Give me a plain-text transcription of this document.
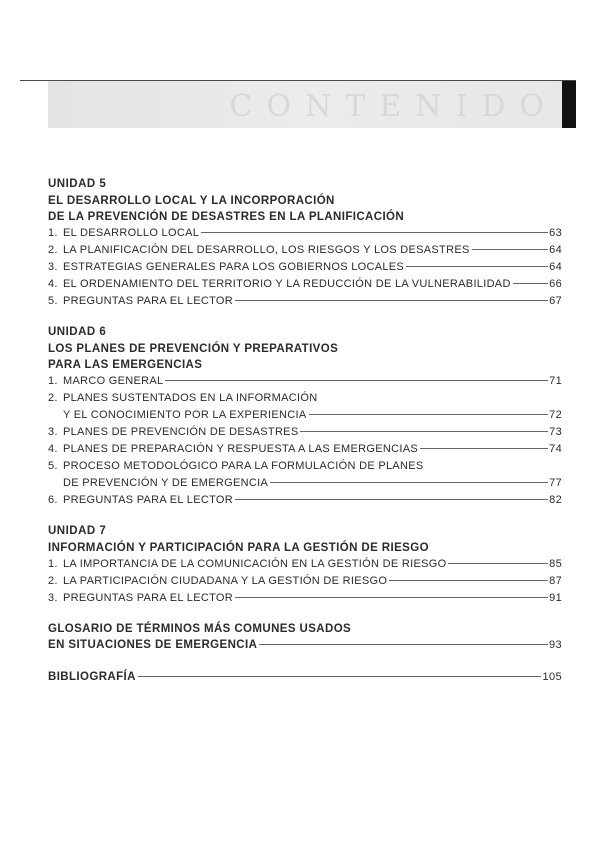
CONTENIDO
UNIDAD 5
EL DESARROLLO LOCAL Y LA INCORPORACIÓN
DE LA PREVENCIÓN DE DESASTRES EN LA PLANIFICACIÓN
1. EL DESARROLLO LOCAL	63
2. LA PLANIFICACIÓN DEL DESARROLLO, LOS RIESGOS Y LOS DESASTRES	64
3. ESTRATEGIAS GENERALES PARA LOS GOBIERNOS LOCALES	64
4. EL ORDENAMIENTO DEL TERRITORIO Y LA REDUCCIÓN DE LA VULNERABILIDAD	66
5. PREGUNTAS PARA EL LECTOR	67
UNIDAD 6
LOS PLANES DE PREVENCIÓN Y PREPARATIVOS
PARA LAS EMERGENCIAS
1. MARCO GENERAL	71
2. PLANES SUSTENTADOS EN LA INFORMACIÓN
Y EL CONOCIMIENTO POR LA EXPERIENCIA	72
3. PLANES DE PREVENCIÓN DE DESASTRES	73
4. PLANES DE PREPARACIÓN Y RESPUESTA A LAS EMERGENCIAS	74
5. PROCESO METODOLÓGICO PARA LA FORMULACIÓN DE PLANES
DE PREVENCIÓN Y DE EMERGENCIA	77
6. PREGUNTAS PARA EL LECTOR	82
UNIDAD 7
INFORMACIÓN Y PARTICIPACIÓN PARA LA GESTIÓN DE RIESGO
1. LA IMPORTANCIA DE LA COMUNICACIÓN EN LA GESTIÓN DE RIESGO	85
2. LA PARTICIPACIÓN CIUDADANA Y LA GESTIÓN DE RIESGO	87
3. PREGUNTAS PARA EL LECTOR	91
GLOSARIO DE TÉRMINOS MÁS COMUNES USADOS
EN SITUACIONES DE EMERGENCIA	93
BIBLIOGRAFÍA	105
